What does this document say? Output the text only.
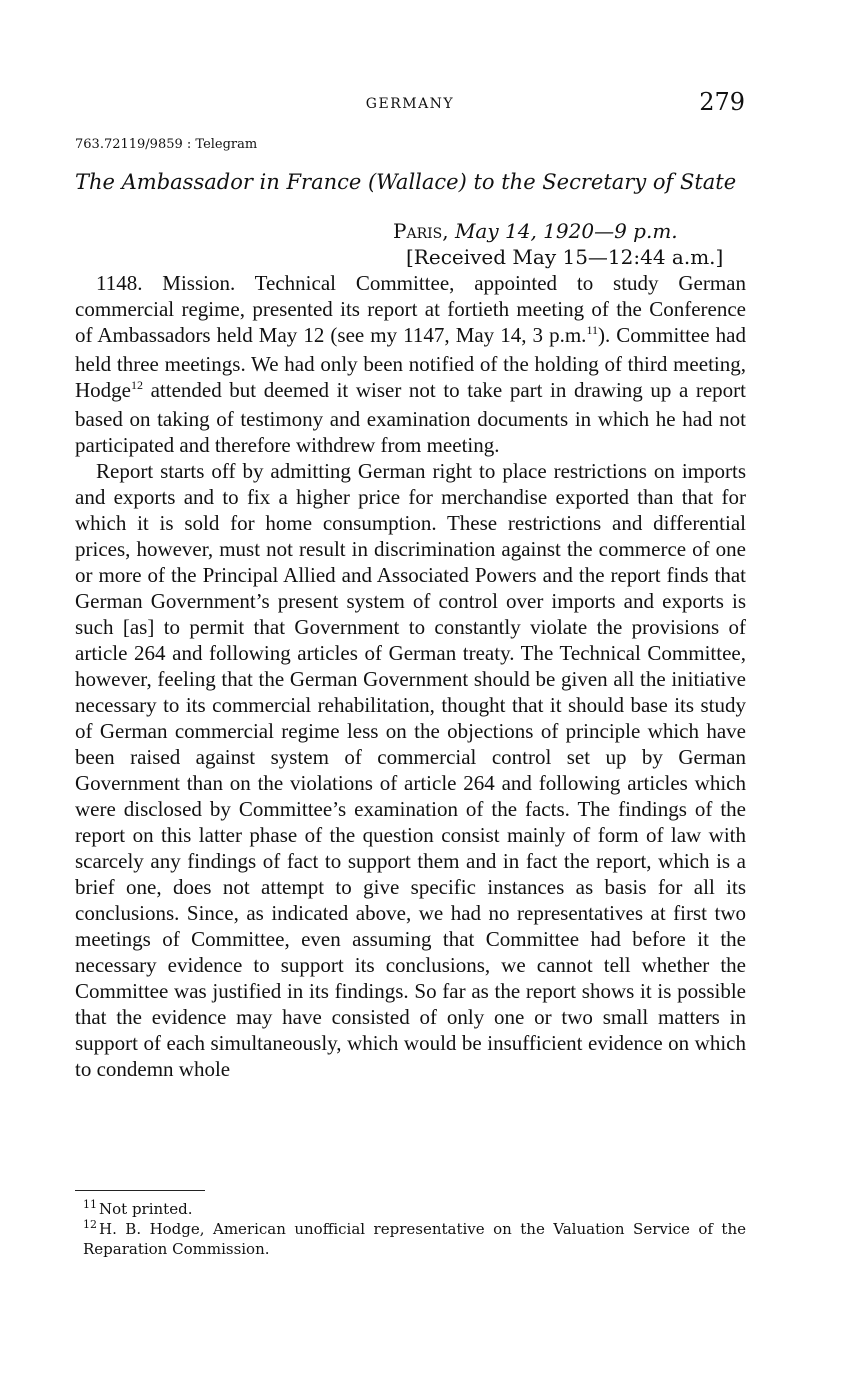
GERMANY	279
763.72119/9859 : Telegram
The Ambassador in France (Wallace) to the Secretary of State
Paris, May 14, 1920—9 p.m.
[Received May 15—12:44 a.m.]

1148. Mission. Technical Committee, appointed to study German commercial regime, presented its report at fortieth meeting of the Conference of Ambassadors held May 12 (see my 1147, May 14, 3 p.m.$^{11}$). Committee had held three meetings. We had only been notified of the holding of third meeting, Hodge$^{12}$ attended but deemed it wiser not to take part in drawing up a report based on taking of testimony and examination documents in which he had not participated and therefore withdrew from meeting.

Report starts off by admitting German right to place restrictions on imports and exports and to fix a higher price for merchandise exported than that for which it is sold for home consumption. These restrictions and differential prices, however, must not result in discrimination against the commerce of one or more of the Principal Allied and Associated Powers and the report finds that German Government’s present system of control over imports and exports is such [as] to permit that Government to constantly violate the provisions of article 264 and following articles of German treaty. The Technical Committee, however, feeling that the German Government should be given all the initiative necessary to its commercial rehabilitation, thought that it should base its study of German commercial regime less on the objections of principle which have been raised against system of commercial control set up by German Government than on the violations of article 264 and following articles which were disclosed by Committee’s examination of the facts. The findings of the report on this latter phase of the question consist mainly of form of law with scarcely any findings of fact to support them and in fact the report, which is a brief one, does not attempt to give specific instances as basis for all its conclusions. Since, as indicated above, we had no representatives at first two meetings of Committee, even assuming that Committee had before it the necessary evidence to support its conclusions, we cannot tell whether the Committee was justified in its findings. So far as the report shows it is possible that the evidence may have consisted of only one or two small matters in support of each simultaneously, which would be insufficient evidence on which to condemn whole

$^{11}$ Not printed.

$^{12}$ H. B. Hodge, American unofficial representative on the Valuation Service of the Reparation Commission.
